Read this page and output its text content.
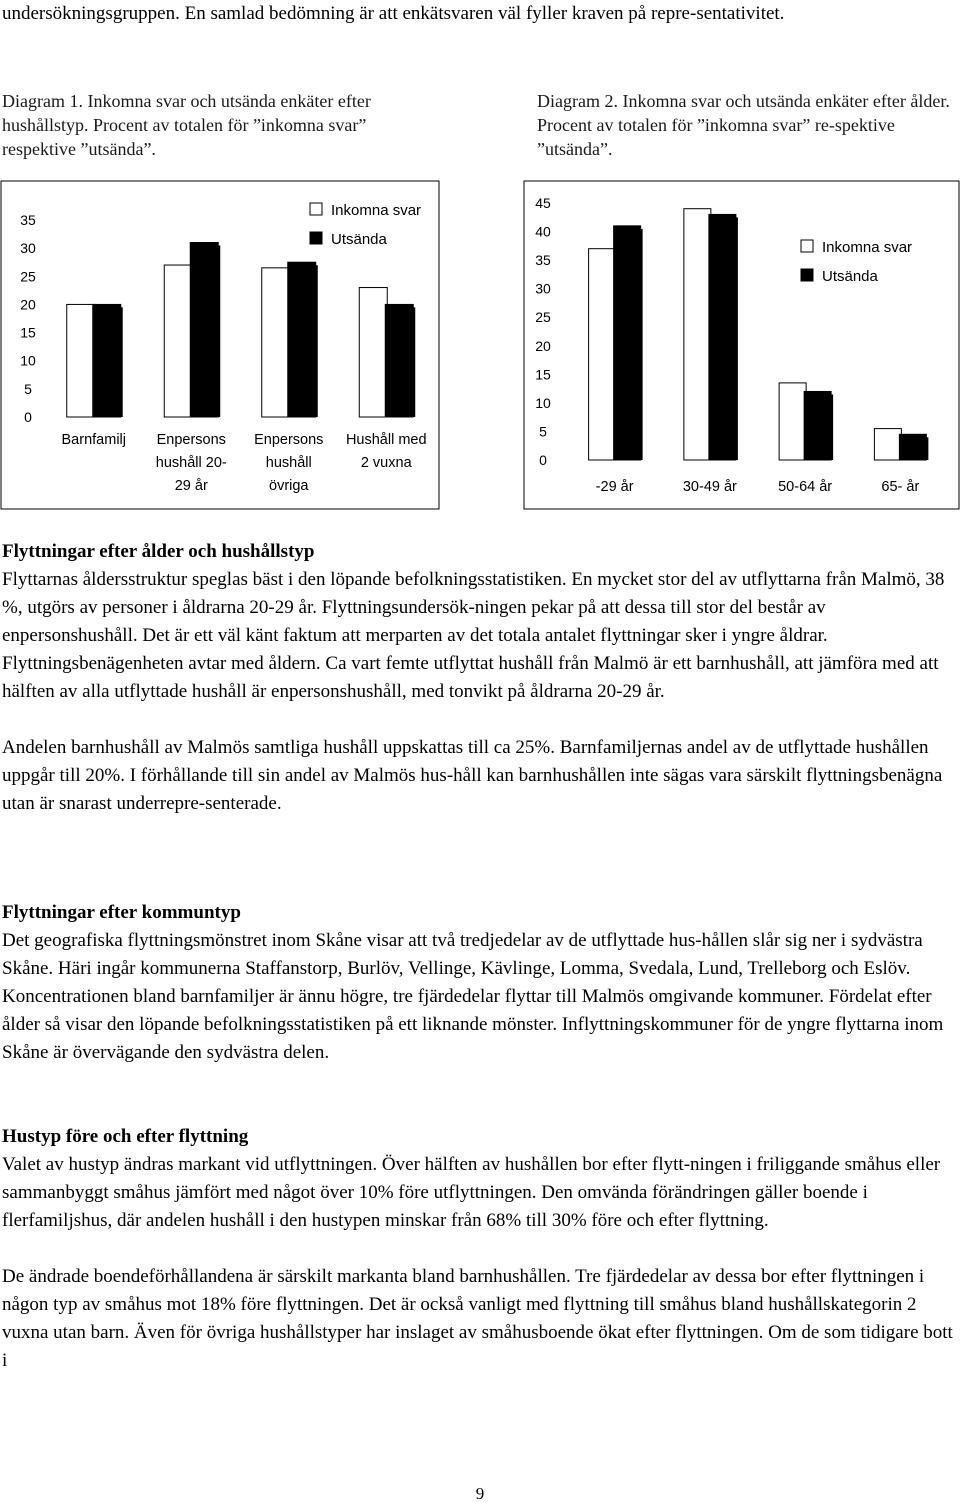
undersökningsgruppen. En samlad bedömning är att enkätsvaren väl fyller kraven på repre-sentativitet.

Diagram 1. Inkomna svar och utsända enkäter efter hushållstyp. Procent av totalen för ”inkomna svar” respektive ”utsända”.

Diagram 2. Inkomna svar och utsända enkäter efter ålder. Procent av totalen för ”inkomna svar” re-spektive ”utsända”.

0
5
10
15
20
25
30
35
Barnfamilj Enpersons
hushåll 20-
29 år
Enpersons
hushåll
övriga
Hushåll med
2 vuxna
Inkomna svar
Utsända
0
5
10
15
20
25
30
35
40
45
-29 år	30-49 år	50-64 år	65- år
Inkomna svar
Utsända
Flyttningar efter ålder och hushållstyp

Flyttarnas åldersstruktur speglas bäst i den löpande befolkningsstatistiken. En mycket stor del av utflyttarna från Malmö, 38 %, utgörs av personer i åldrarna 20-29 år. Flyttningsundersök-ningen pekar på att dessa till stor del består av enpersonshushåll. Det är ett väl känt faktum att merparten av det totala antalet flyttningar sker i yngre åldrar. Flyttningsbenägenheten avtar med åldern. Ca vart femte utflyttat hushåll från Malmö är ett barnhushåll, att jämföra med att hälften av alla utflyttade hushåll är enpersonshushåll, med tonvikt på åldrarna 20-29 år.

Andelen barnhushåll av Malmös samtliga hushåll uppskattas till ca 25%. Barnfamiljernas andel av de utflyttade hushållen uppgår till 20%. I förhållande till sin andel av Malmös hus-håll kan barnhushållen inte sägas vara särskilt flyttningsbenägna utan är snarast underrepre-senterade.

Flyttningar efter kommuntyp

Det geografiska flyttningsmönstret inom Skåne visar att två tredjedelar av de utflyttade hus-hållen slår sig ner i sydvästra Skåne. Häri ingår kommunerna Staffanstorp, Burlöv, Vellinge, Kävlinge, Lomma, Svedala, Lund, Trelleborg och Eslöv. Koncentrationen bland barnfamiljer är ännu högre, tre fjärdedelar flyttar till Malmös omgivande kommuner. Fördelat efter ålder så visar den löpande befolkningsstatistiken på ett liknande mönster. Inflyttningskommuner för de yngre flyttarna inom Skåne är övervägande den sydvästra delen.

Hustyp före och efter flyttning

Valet av hustyp ändras markant vid utflyttningen. Över hälften av hushållen bor efter flytt-ningen i friliggande småhus eller sammanbyggt småhus jämfört med något över 10% före utflyttningen. Den omvända förändringen gäller boende i flerfamiljshus, där andelen hushåll i den hustypen minskar från 68% till 30% före och efter flyttning.

De ändrade boendeförhållandena är särskilt markanta bland barnhushållen. Tre fjärdedelar av dessa bor efter flyttningen i någon typ av småhus mot 18% före flyttningen. Det är också vanligt med flyttning till småhus bland hushållskategorin 2 vuxna utan barn. Även för övriga hushållstyper har inslaget av småhusboende ökat efter flyttningen. Om de som tidigare bott i

9
